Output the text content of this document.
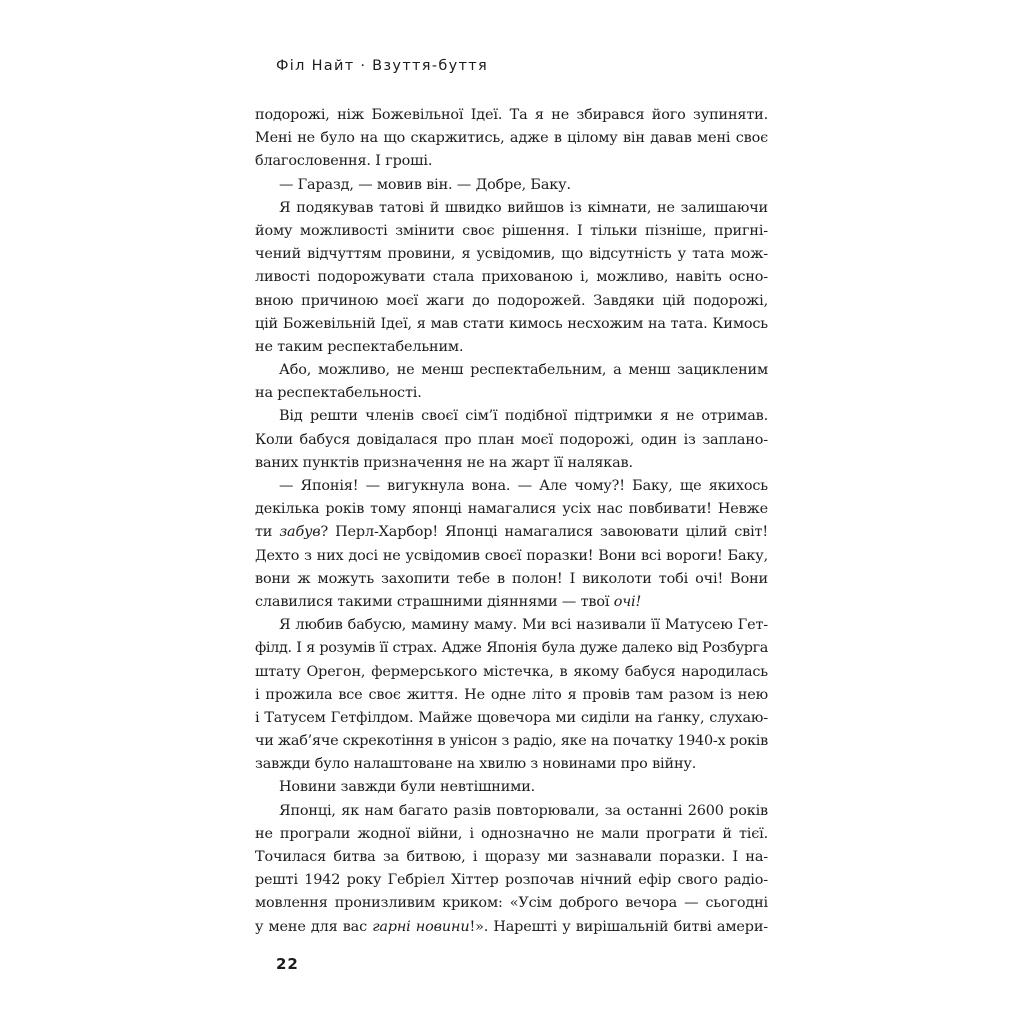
Філ Найт · Взуття-буття
подорожі, ніж Божевільної Ідеї. Та я не збирався його зупиняти.
Мені не було на що скаржитись, адже в цілому він давав мені своє
благословення. І гроші.
— Гаразд, — мовив він. — Добре, Баку.
Я подякував татові й швидко вийшов із кімнати, не залишаючи
йому можливості змінити своє рішення. І тільки пізніше, пригні-
чений відчуттям провини, я усвідомив, що відсутність у тата мож-
ливості подорожувати стала прихованою і, можливо, навіть осно-
вною причиною моєї жаги до подорожей. Завдяки цій подорожі,
цій Божевільній Ідеї, я мав стати кимось несхожим на тата. Кимось
не таким респектабельним.
Або, можливо, не менш респектабельним, а менш зацикленим
на респектабельності.
Від решти членів своєї сім’ї подібної підтримки я не отримав.
Коли бабуся довідалася про план моєї подорожі, один із заплано-
ваних пунктів призначення не на жарт її налякав.
— Японія! — вигукнула вона. — Але чому?! Баку, ще якихось
декілька років тому японці намагалися усіх нас повбивати! Невже
ти забув? Перл-Харбор! Японці намагалися завоювати цілий світ!
Дехто з них досі не усвідомив своєї поразки! Вони всі вороги! Баку,
вони ж можуть захопити тебе в полон! І виколоти тобі очі! Вони
славилися такими страшними діяннями — твої очі!
Я любив бабусю, мамину маму. Ми всі називали її Матусею Гет-
філд. І я розумів її страх. Адже Японія була дуже далеко від Розбурга
штату Орегон, фермерського містечка, в якому бабуся народилась
і прожила все своє життя. Не одне літо я провів там разом із нею
і Татусем Гетфілдом. Майже щовечора ми сиділи на ґанку, слухаю-
чи жаб’яче скрекотіння в унісон з радіо, яке на початку 1940-х років
завжди було налаштоване на хвилю з новинами про війну.
Новини завжди були невтішними.
Японці, як нам багато разів повторювали, за останні 2600 років
не програли жодної війни, і однозначно не мали програти й тієї.
Точилася битва за битвою, і щоразу ми зазнавали поразки. І на-
решті 1942 року Гебріел Хіттер розпочав нічний ефір свого радіо-
мовлення пронизливим криком: «Усім доброго вечора — сьогодні
у мене для вас гарні новини!». Нарешті у вирішальній битві амери-
22
